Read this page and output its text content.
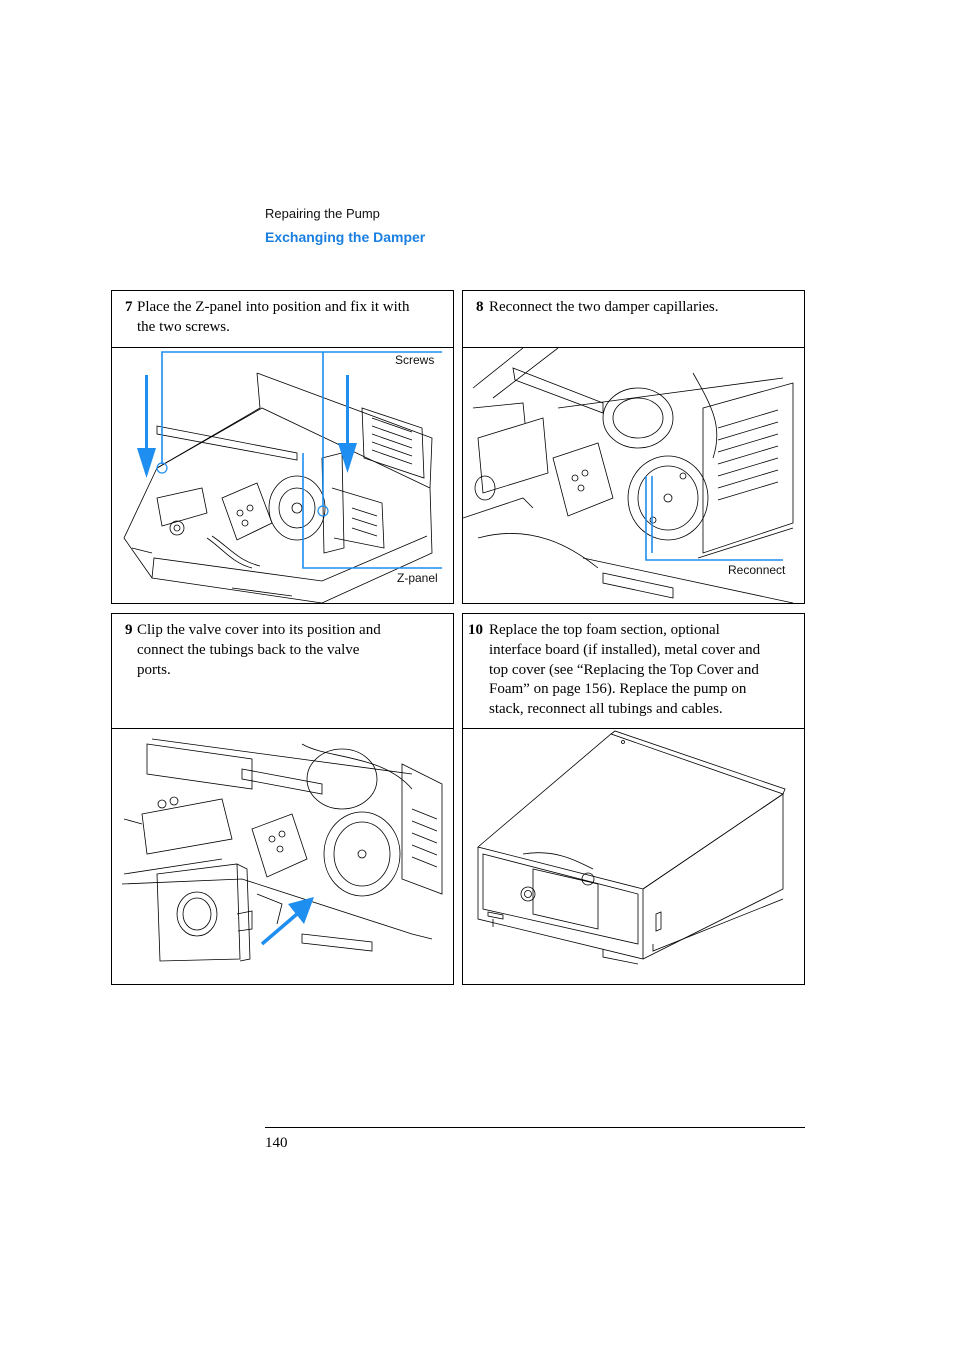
Repairing the Pump
Exchanging the Damper
7 Place the Z-panel into position and fix it with
the two screws.
8 Reconnect the two damper capillaries.
Screws
Z-panel
Reconnect
9 Clip the valve cover into its position and
connect the tubings back to the valve
ports.
10 Replace the top foam section, optional
interface board (if installed), metal cover and
top cover (see “Replacing the Top Cover and
Foam” on page 156). Replace the pump on
stack, reconnect all tubings and cables.
140
